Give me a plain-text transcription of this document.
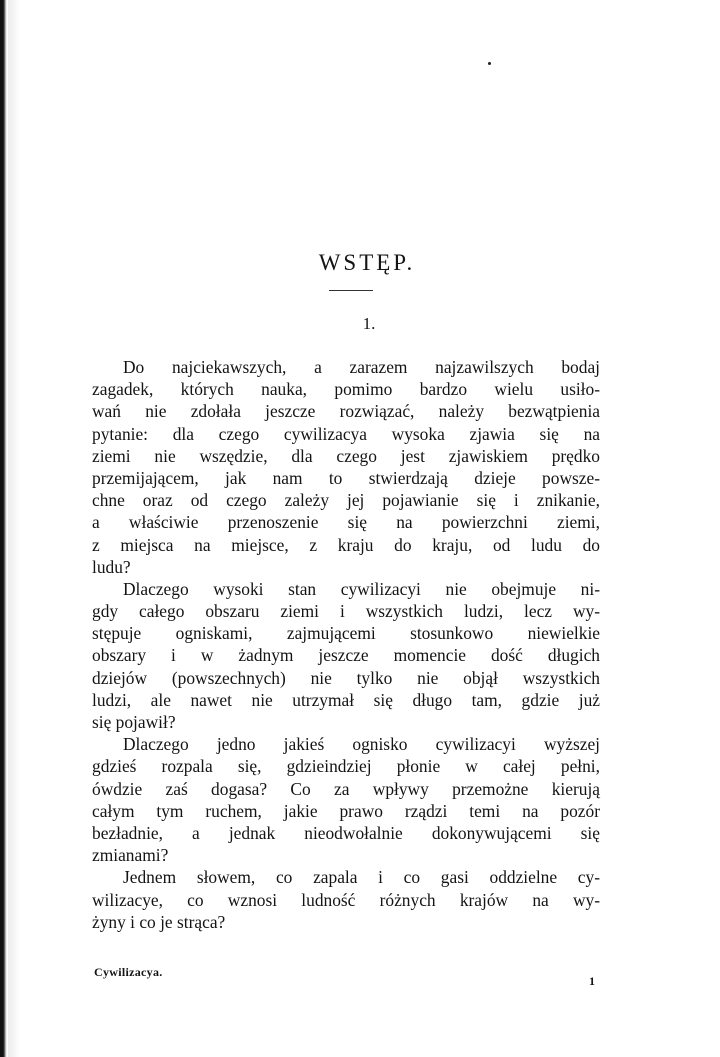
WSTĘP.
1.
Do najciekawszych, a zarazem najzawilszych bodaj
zagadek, których nauka, pomimo bardzo wielu usiło-
wań nie zdołała jeszcze rozwiązać, należy bezwątpienia
pytanie: dla czego cywilizacya wysoka zjawia się na
ziemi nie wszędzie, dla czego jest zjawiskiem prędko
przemijającem, jak nam to stwierdzają dzieje powsze-
chne oraz od czego zależy jej pojawianie się i znikanie,
a właściwie przenoszenie się na powierzchni ziemi,
z miejsca na miejsce, z kraju do kraju, od ludu do
ludu?
Dlaczego wysoki stan cywilizacyi nie obejmuje ni-
gdy całego obszaru ziemi i wszystkich ludzi, lecz wy-
stępuje ogniskami, zajmującemi stosunkowo niewielkie
obszary i w żadnym jeszcze momencie dość długich
dziejów (powszechnych) nie tylko nie objął wszystkich
ludzi, ale nawet nie utrzymał się długo tam, gdzie już
się pojawił?
Dlaczego jedno jakieś ognisko cywilizacyi wyższej
gdzieś rozpala się, gdzieindziej płonie w całej pełni,
ówdzie zaś dogasa? Co za wpływy przemożne kierują
całym tym ruchem, jakie prawo rządzi temi na pozór
bezładnie, a jednak nieodwołalnie dokonywującemi się
zmianami?
Jednem słowem, co zapala i co gasi oddzielne cy-
wilizacye, co wznosi ludność różnych krajów na wy-
żyny i co je strąca?
Cywilizacya.
1
